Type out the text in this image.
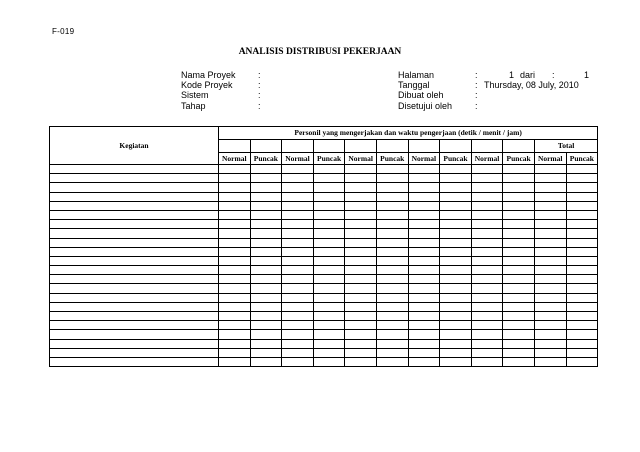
F-019
ANALISIS DISTRIBUSI PEKERJAAN
Nama Proyek :
Kode Proyek	:
Sistem	:
Tahap	:
Halaman	:	1 dari :	1
Tanggal	: Thursday, 08 July, 2010
Dibuat oleh	:
Disetujui oleh	:
Kegiatan	Personil yang mengerjakan dan waktu pengerjaan (detik / menit / jam)											
											Total	
	Normal	Puncak	Normal	Puncak	Normal	Puncak	Normal	Puncak	Normal	Puncak	Normal	Puncak
